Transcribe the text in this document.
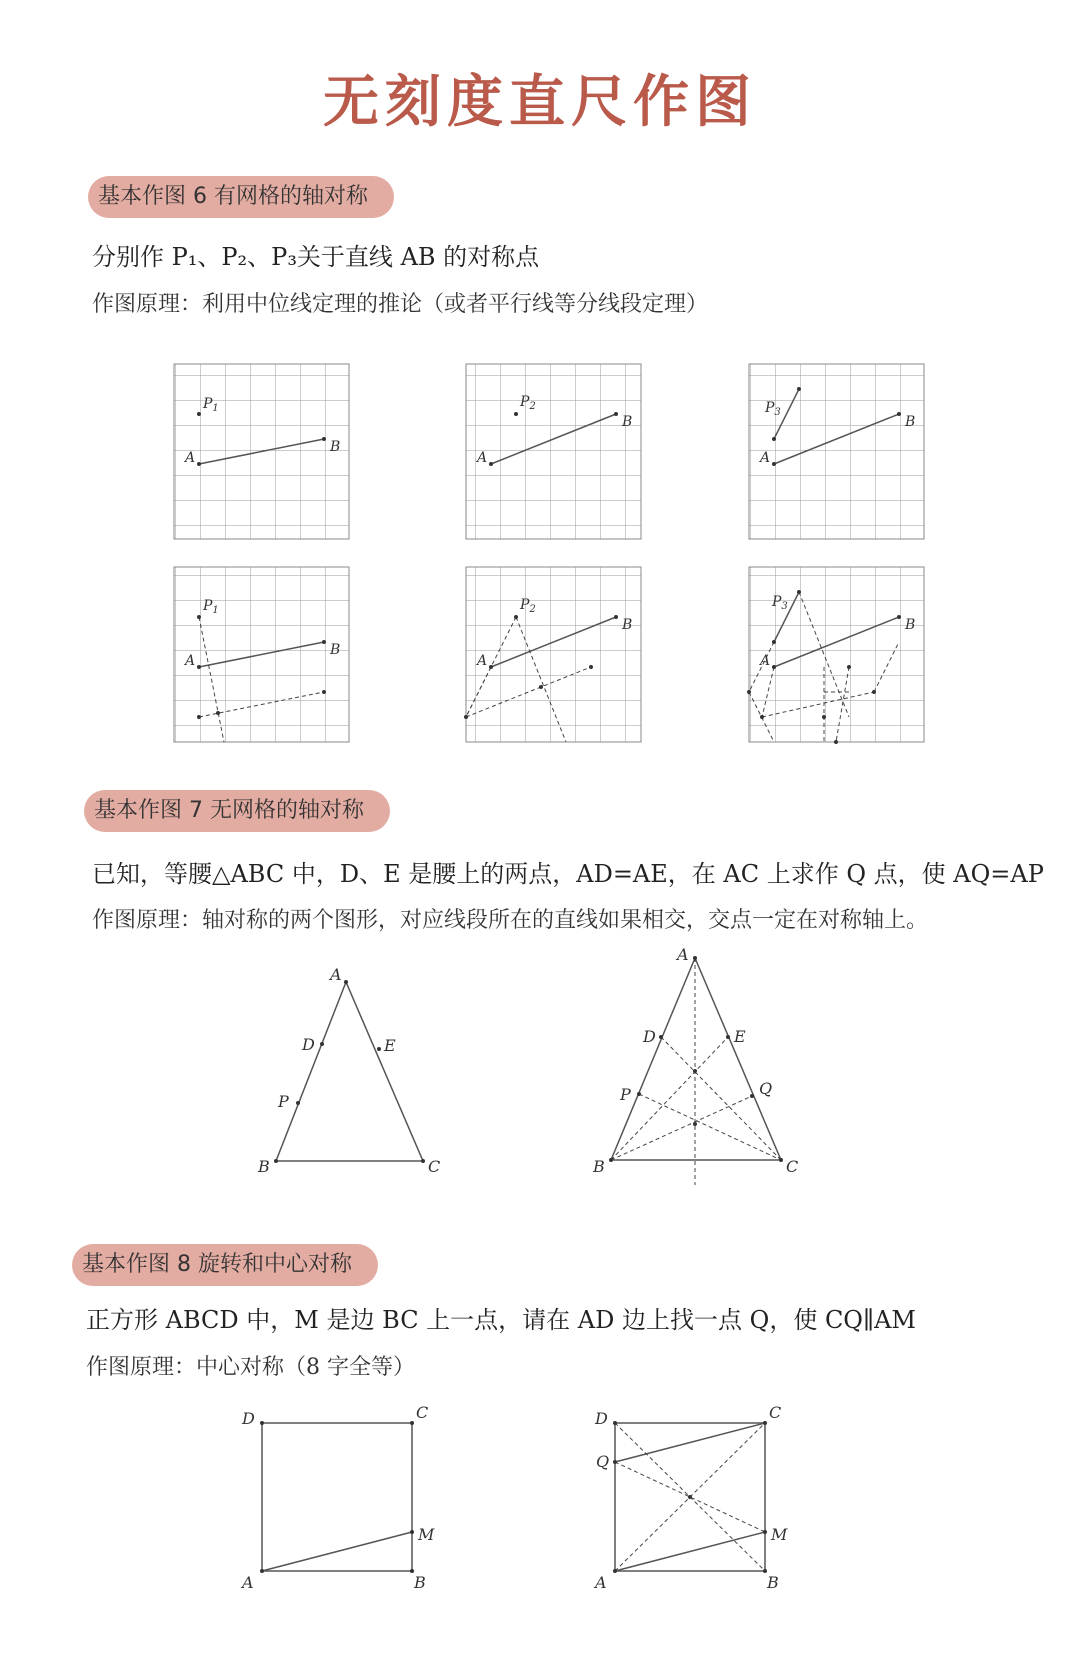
无刻度直尺作图
基本作图 6 有网格的轴对称
分别作 P₁、P₂、P₃关于直线 AB 的对称点
作图原理：利用中位线定理的推论（或者平行线等分线段定理）
基本作图 7 无网格的轴对称
已知，等腰△ABC 中，D、E 是腰上的两点，AD=AE，在 AC 上求作 Q 点，使 AQ=AP
作图原理：轴对称的两个图形，对应线段所在的直线如果相交，交点一定在对称轴上。
基本作图 8 旋转和中心对称
正方形 ABCD 中，M 是边 BC 上一点，请在 AD 边上找一点 Q，使 CQ∥AM
作图原理：中心对称（8 字全等）
$P_1$
A
B
$P_2$
A
B
$P_3$
A
B
$P_1$
A
B
$P_2$
A
B
$P_3$
A
B
A
D	E
P
B	C
A
D	E
P	Q
B	C
D	C
A	B
M
D	C
Q
A	B
M
